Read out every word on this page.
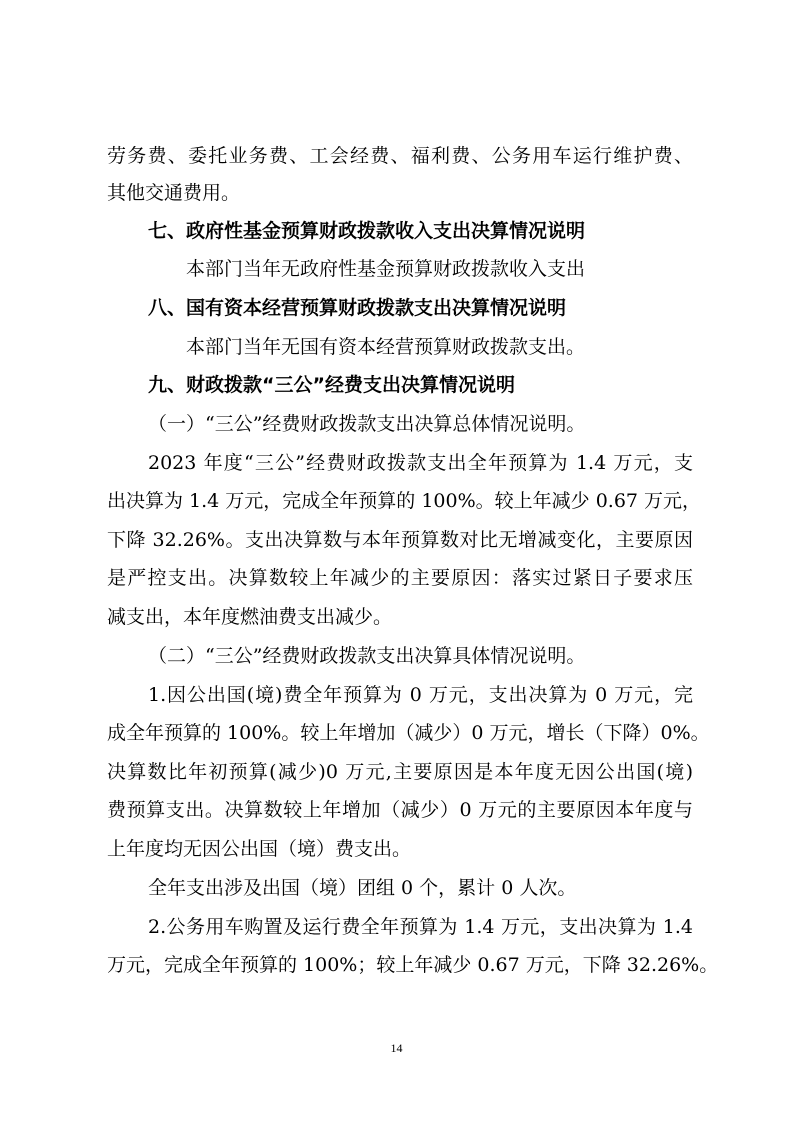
劳务费、委托业务费、工会经费、福利费、公务用车运行维护费、
其他交通费用。
七、政府性基金预算财政拨款收入支出决算情况说明
本部门当年无政府性基金预算财政拨款收入支出
八、国有资本经营预算财政拨款支出决算情况说明
本部门当年无国有资本经营预算财政拨款支出。
九、财政拨款“三公”经费支出决算情况说明
（一）“三公”经费财政拨款支出决算总体情况说明。
2023 年度“三公”经费财政拨款支出全年预算为 1.4 万元，支
出决算为 1.4 万元，完成全年预算的 100%。较上年减少 0.67 万元，
下降 32.26%。支出决算数与本年预算数对比无增减变化，主要原因
是严控支出。决算数较上年减少的主要原因：落实过紧日子要求压
减支出，本年度燃油费支出减少。
（二）“三公”经费财政拨款支出决算具体情况说明。
1.因公出国(境)费全年预算为 0 万元，支出决算为 0 万元，完
成全年预算的 100%。较上年增加（减少）0 万元，增长（下降）0%。
决算数比年初预算(减少)0 万元,主要原因是本年度无因公出国(境)
费预算支出。决算数较上年增加（减少）0 万元的主要原因本年度与
上年度均无因公出国（境）费支出。
全年支出涉及出国（境）团组 0 个，累计 0 人次。
2.公务用车购置及运行费全年预算为 1.4 万元，支出决算为 1.4
万元，完成全年预算的 100%；较上年减少 0.67 万元，下降 32.26%。
14
